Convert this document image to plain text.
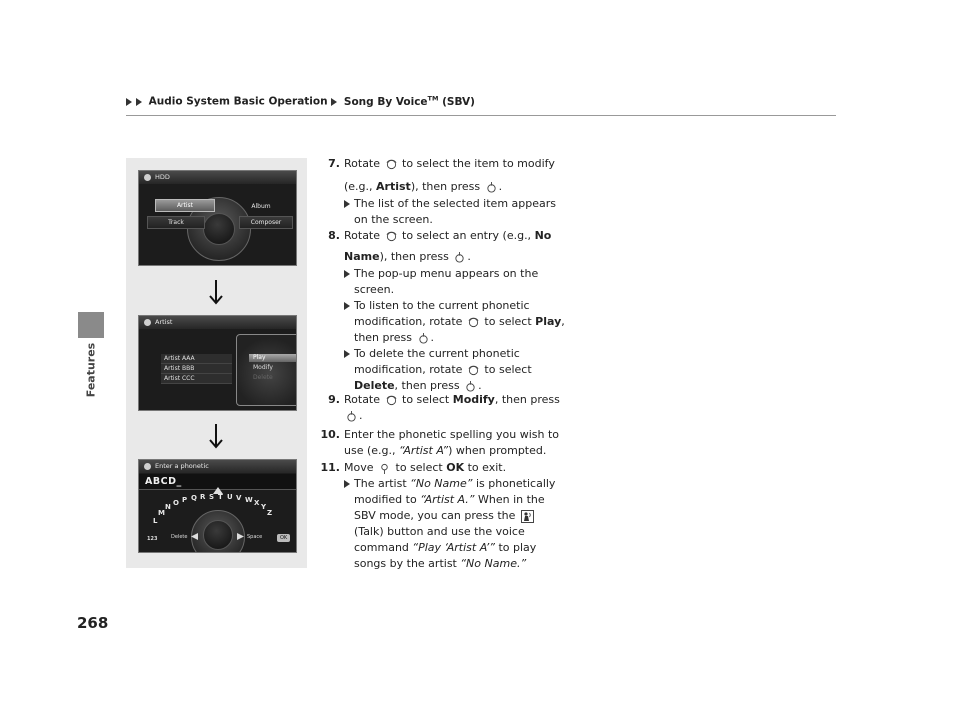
Audio System Basic Operation Song By Voice™ (SBV)
Features
268
HDD
Artist	Album
Track	Composer
Artist
Artist AAA
Artist BBB
Artist CCC
Play
Modify
Delete
Enter a phonetic
ABCD_
L
M
N O P Q R S T U V W X Y
Z
123	Delete	Space	OK
7. Rotate to select the item to modify
(e.g., Artist), then press .
The list of the selected item appears on the screen.
8. Rotate to select an entry (e.g., No
Name), then press .
The pop-up menu appears on the screen.
To listen to the current phonetic modification, rotate to select Play, then press .
To delete the current phonetic modification, rotate to select Delete, then press .
9. Rotate to select Modify, then press .
10. Enter the phonetic spelling you wish to use (e.g., “Artist A”) when prompted.
11. Move to select OK to exit.
The artist “No Name” is phonetically modified to “Artist A.” When in the SBV mode, you can press the
(Talk) button and use the voice command “Play ‘Artist A’” to play songs by the artist “No Name.”
